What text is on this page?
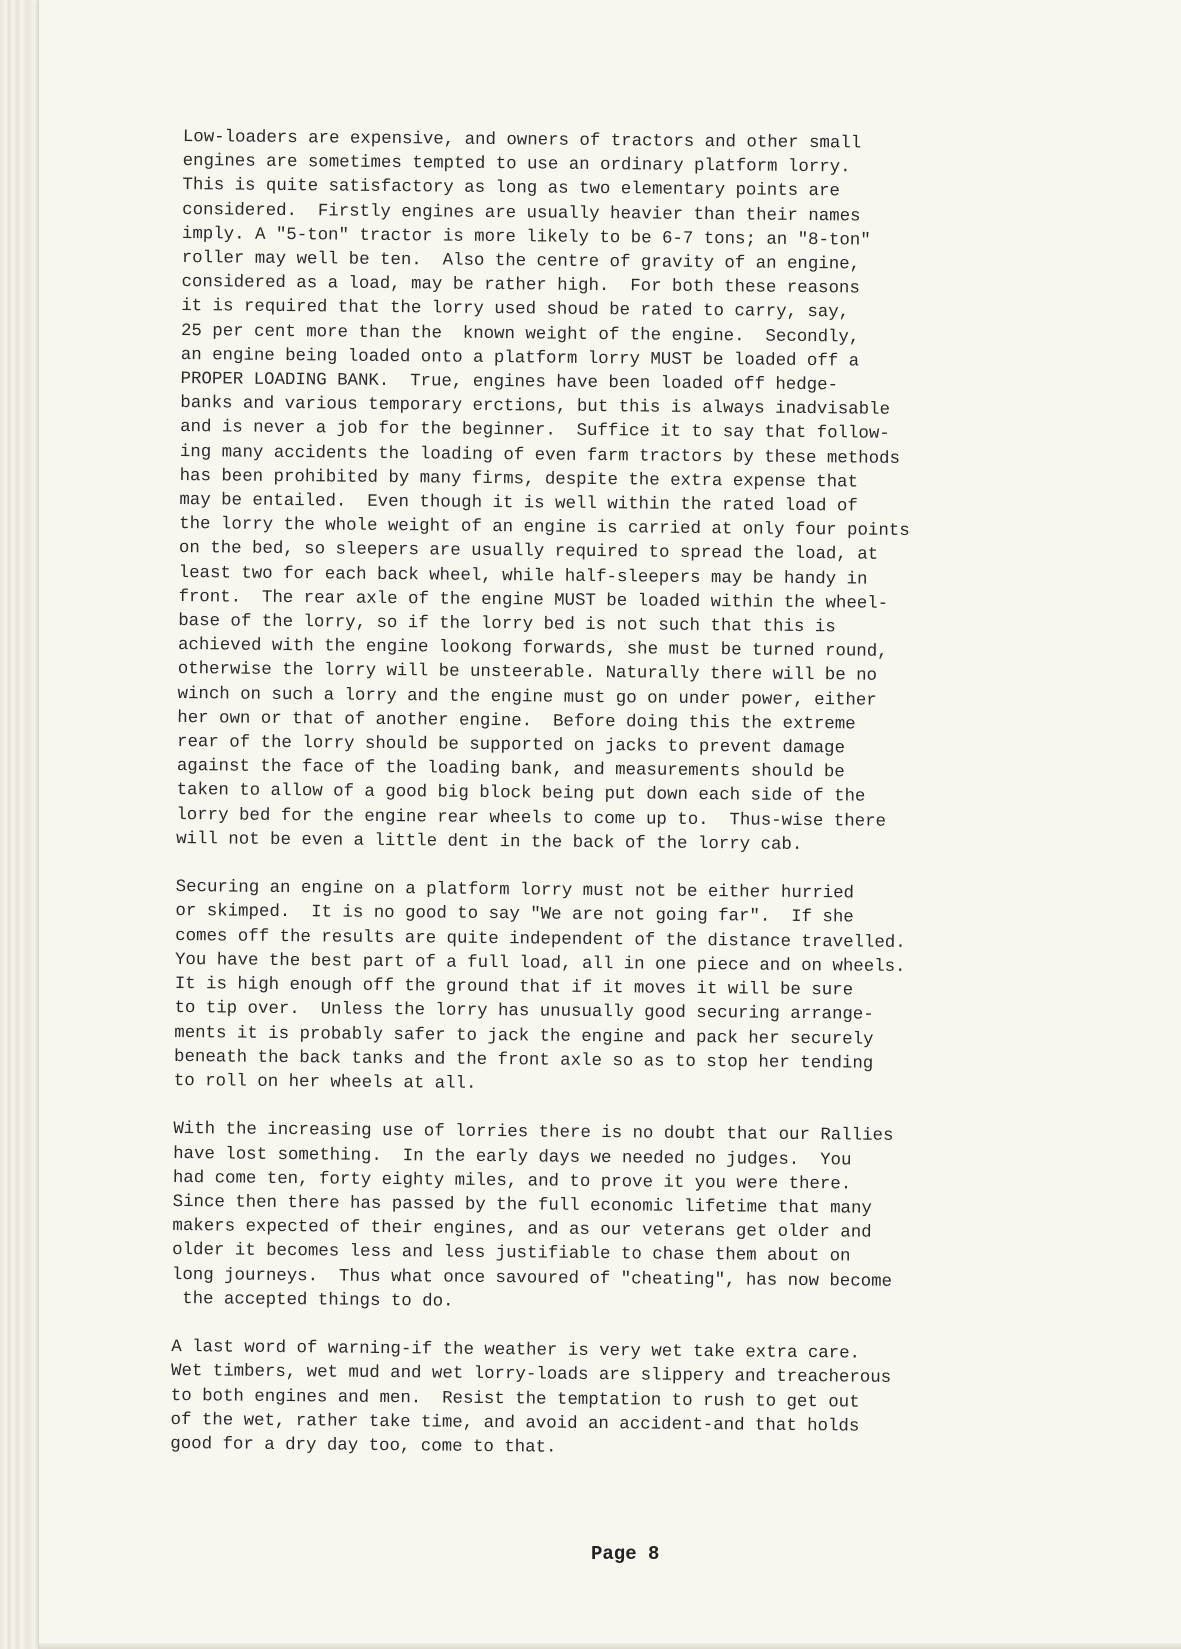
Low-loaders are expensive, and owners of tractors and other small
engines are sometimes tempted to use an ordinary platform lorry.
This is quite satisfactory as long as two elementary points are
considered.  Firstly engines are usually heavier than their names
imply. A "5-ton" tractor is more likely to be 6-7 tons; an "8-ton"
roller may well be ten.  Also the centre of gravity of an engine,
considered as a load, may be rather high.  For both these reasons
it is required that the lorry used shoud be rated to carry, say,
25 per cent more than the  known weight of the engine.  Secondly,
an engine being loaded onto a platform lorry MUST be loaded off a
PROPER LOADING BANK.  True, engines have been loaded off hedge-
banks and various temporary ercti​ons, but this is always inadvisable
and is never a job for the beginner.  Suffice it to say that follow-
ing many accidents the loading of even farm tractors by these methods
has been prohibited by many firms, despite the extra expense that
may be entailed.  Even though it is well within the rated load of
the lorry the whole weight of an engine is carried at only four points
on the bed, so sleepers are usually required to spread the load, at
least two for each back wheel, while half-sleepers may be handy in
front.  The rear axle of the engine MUST be loaded within the wheel-
base of the lorry, so if the lorry bed is not such that this is
achieved with the engine lookong forwards, she must be turned round,
otherwise the lorry will be unsteerable. Naturally there will be no
winch on such a lorry and the engine must go on under power, either
her own or that of another engine.  Before doing this the extreme
rear of the lorry should be supported on jacks to prevent damage
against the face of the loading bank, and measurements should be
taken to allow of a good big block being put down each side of the
lorry bed for the engine rear wheels to come up to.  Thus-wise there
will not be even a little dent in the back of the lorry cab.
Securing an engine on a platform lorry must not be either hurried
or skimped.  It is no good to say "We are not going far".  If she
comes off the results are quite independent of the distance travelled.
You have the best part of a full load, all in one piece and on wheels.
It is high enough off the ground that if it moves it will be sure
to tip over.  Unless the lorry has unusually good securing arrange-
ments it is probably safer to jack the engine and pack her securely
beneath the back tanks and the front axle so as to stop her tending
to roll on her wheels at all.
With the increasing use of lorries there is no doubt that our Rallies
have lost something.  In the early days we needed no judges.  You
had come ten, forty eighty miles, and to prove it you were there.
Since then there has passed by the full economic lifetime that many
makers expected of their engines, and as our veterans get older and
older it becomes less and less justifiable to chase them about on
long journeys.  Thus what once savoured of "cheating", has now become
the accepted things to do.
A last word of warning-if the weather is very wet take extra care.
Wet timbers, wet mud and wet lorry-loads are slippery and treacherous
to both engines and men.  Resist the temptation to rush to get out
of the wet, rather take time, and avoid an accident-and that holds
good for a dry day too, come to that.
Page 8
